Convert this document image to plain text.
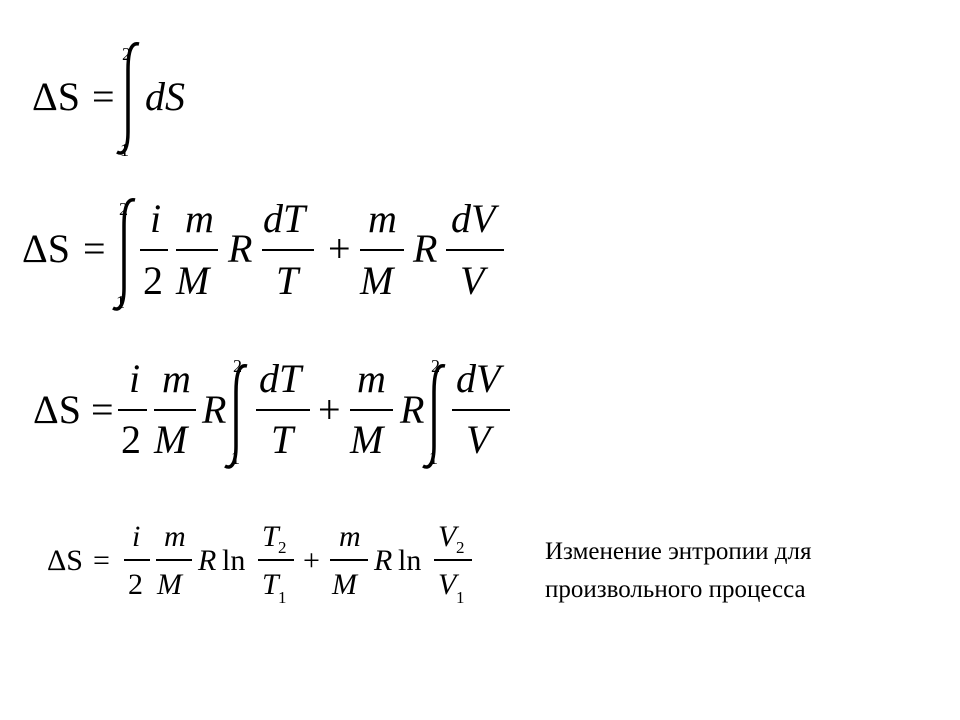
ΔS =
2
1
dS
ΔS =
2
1
i
2
m
M
R
dT
T
+
m
M
R
dV
V
ΔS =
i
2
m
M
R
2
1
dT
T
+
m
M
R
2
1
dV
V
ΔS =
i
2
m
M
R ln
T 2
T 1
+
m
M
R ln
V 2
V 1
Изменение энтропии для
произвольного процесса
